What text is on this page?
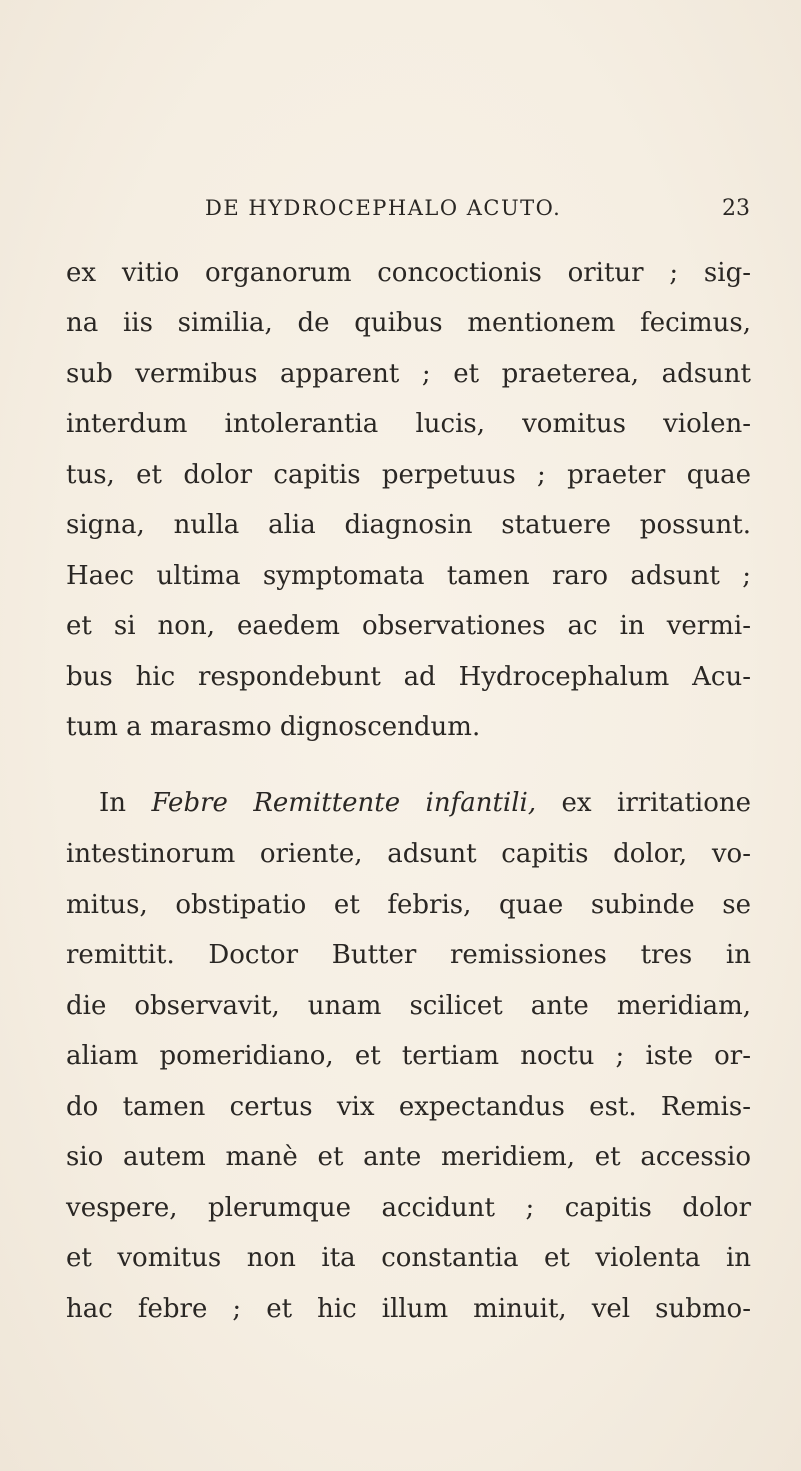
DE HYDROCEPHALO ACUTO.	23
ex vitio organorum concoctionis oritur ; sig-
na iis similia, de quibus mentionem fecimus,
sub vermibus apparent ; et praeterea, adsunt
interdum intolerantia lucis, vomitus violen-
tus, et dolor capitis perpetuus ; praeter quae
signa, nulla alia diagnosin statuere possunt.
Haec ultima symptomata tamen raro adsunt ;
et si non, eaedem observationes ac in vermi-
bus hic respondebunt ad Hydrocephalum Acu-
tum a marasmo dignoscendum.
In Febre Remittente infantili, ex irritatione
intestinorum oriente, adsunt capitis dolor, vo-
mitus, obstipatio et febris, quae subinde se
remittit. Doctor Butter remissiones tres in
die observavit, unam scilicet ante meridiam,
aliam pomeridiano, et tertiam noctu ; iste or-
do tamen certus vix expectandus est. Remis-
sio autem manè et ante meridiem, et accessio
vespere, plerumque accidunt ; capitis dolor
et vomitus non ita constantia et violenta in
hac febre ; et hic illum minuit, vel submo-
